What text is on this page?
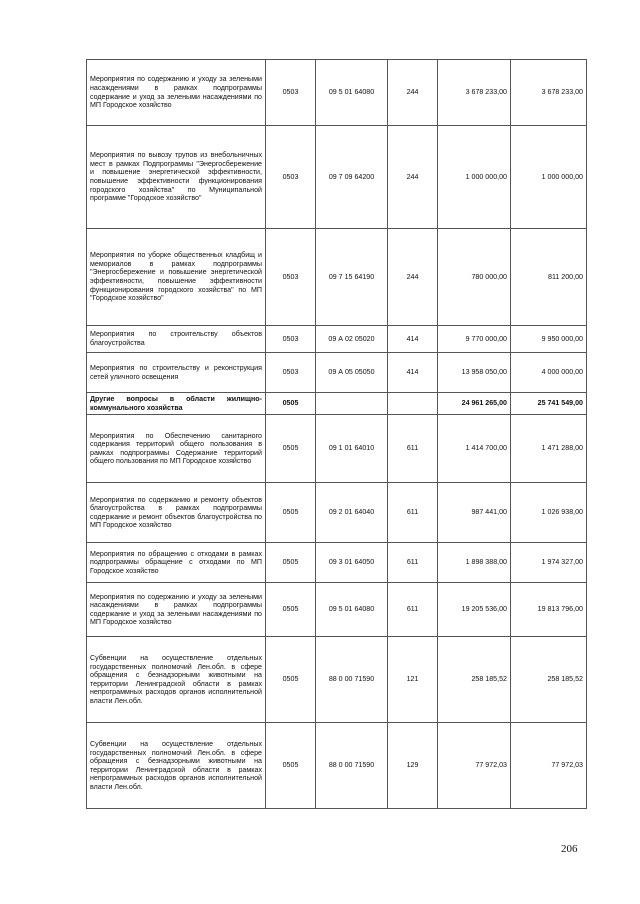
Мероприятия по содержанию и уходу за зелеными насаждениями в рамках подпрограммы содержание и уход за зелеными насаждениями по МП Городское хозяйство	0503	09 5 01 64080	244	3 678 233,00	3 678 233,00
Мероприятия по вывозу трупов из внебольничных мест в рамках Подпрограммы "Энергосбережение и повышение энергетической эффективности, повышение эффективности функционирования городского хозяйства" по Муниципальной программе "Городское хозяйство"	0503	09 7 09 64200	244	1 000 000,00	1 000 000,00
Мероприятия по уборке общественных кладбищ и мемориалов в рамках подпрограммы "Энергосбережение и повышение энергетической эффективности, повышение эффективности функционирования городского хозяйства" по МП "Городское хозяйство"	0503	09 7 15 64190	244	780 000,00	811 200,00
Мероприятия по строительству объектов благоустройства	0503	09 А 02 05020	414	9 770 000,00	9 950 000,00
Мероприятия по строительству и реконструкция сетей уличного освещения	0503	09 А 05 05050	414	13 958 050,00	4 000 000,00
Другие вопросы в области жилищно-коммунального хозяйства	0505			24 961 265,00	25 741 549,00
Мероприятия по Обеспечению санитарного содержания территорий общего пользования в рамках подпрограммы Содержание территорий общего пользования по МП Городское хозяйство	0505	09 1 01 64010	611	1 414 700,00	1 471 288,00
Мероприятия по содержанию и ремонту объектов благоустройства в рамках подпрограммы содержание и ремонт объектов благоустройства по МП Городское хозяйство	0505	09 2 01 64040	611	987 441,00	1 026 938,00
Мероприятия по обращению с отходами в рамках подпрограммы обращение с отходами по МП Городское хозяйство	0505	09 3 01 64050	611	1 898 388,00	1 974 327,00
Мероприятия по содержанию и уходу за зелеными насаждениями в рамках подпрограммы содержание и уход за зелеными насаждениями по МП Городское хозяйство	0505	09 5 01 64080	611	19 205 536,00	19 813 796,00
Субвенции на осуществление отдельных государственных полномочий Лен.обл. в сфере обращения с безнадзорными животными на территории Ленинградской области в рамках непрограммных расходов органов исполнительной власти Лен.обл.	0505	88 0 00 71590	121	258 185,52	258 185,52
Субвенции на осуществление отдельных государственных полномочий Лен.обл. в сфере обращения с безнадзорными животными на территории Ленинградской области в рамках непрограммных расходов органов исполнительной власти Лен.обл.	0505	88 0 00 71590	129	77 972,03	77 972,03
206
